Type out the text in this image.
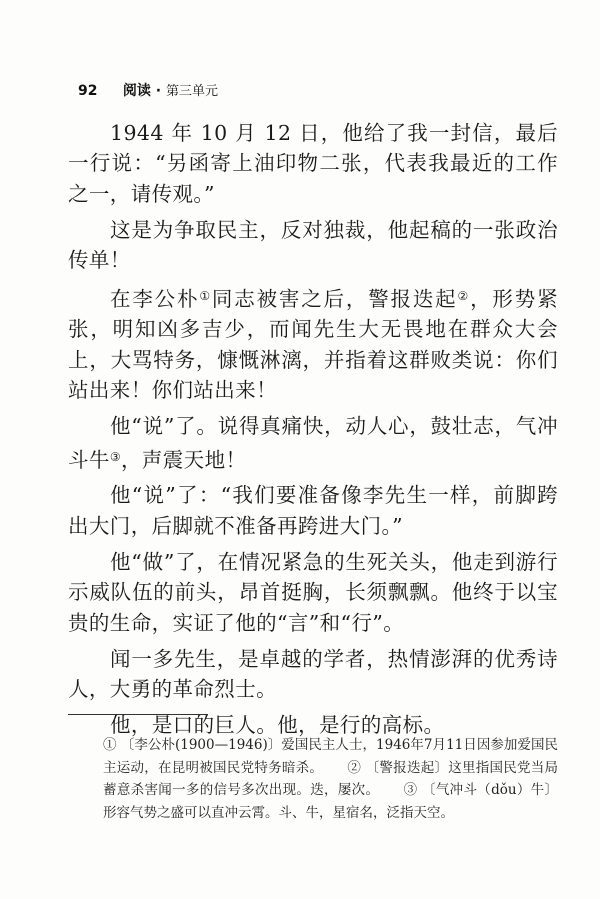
92 阅读 · 第三单元

1944 年 10 月 12 日，他给了我一封信，最后一行说：“另函寄上油印物二张，代表我最近的工作之一，请传观。”

这是为争取民主，反对独裁，他起稿的一张政治传单！

在李公朴①同志被害之后，警报迭起②，形势紧张，明知凶多吉少，而闻先生大无畏地在群众大会上，大骂特务，慷慨淋漓，并指着这群败类说：你们站出来！你们站出来！

他“说”了。说得真痛快，动人心，鼓壮志，气冲斗牛③，声震天地！

他“说”了：“我们要准备像李先生一样，前脚跨出大门，后脚就不准备再跨进大门。”

他“做”了，在情况紧急的生死关头，他走到游行示威队伍的前头，昂首挺胸，长须飘飘。他终于以宝贵的生命，实证了他的“言”和“行”。

闻一多先生，是卓越的学者，热情澎湃的优秀诗人，大勇的革命烈士。

他，是口的巨人。他，是行的高标。

① 〔李公朴(1900—1946)〕爱国民主人士，1946年7月11日因参加爱国民主运动，在昆明被国民党特务暗杀。 ② 〔警报迭起〕这里指国民党当局蓄意杀害闻一多的信号多次出现。迭，屡次。 ③ 〔气冲斗（dǒu）牛〕形容气势之盛可以直冲云霄。斗、牛，星宿名，泛指天空。
